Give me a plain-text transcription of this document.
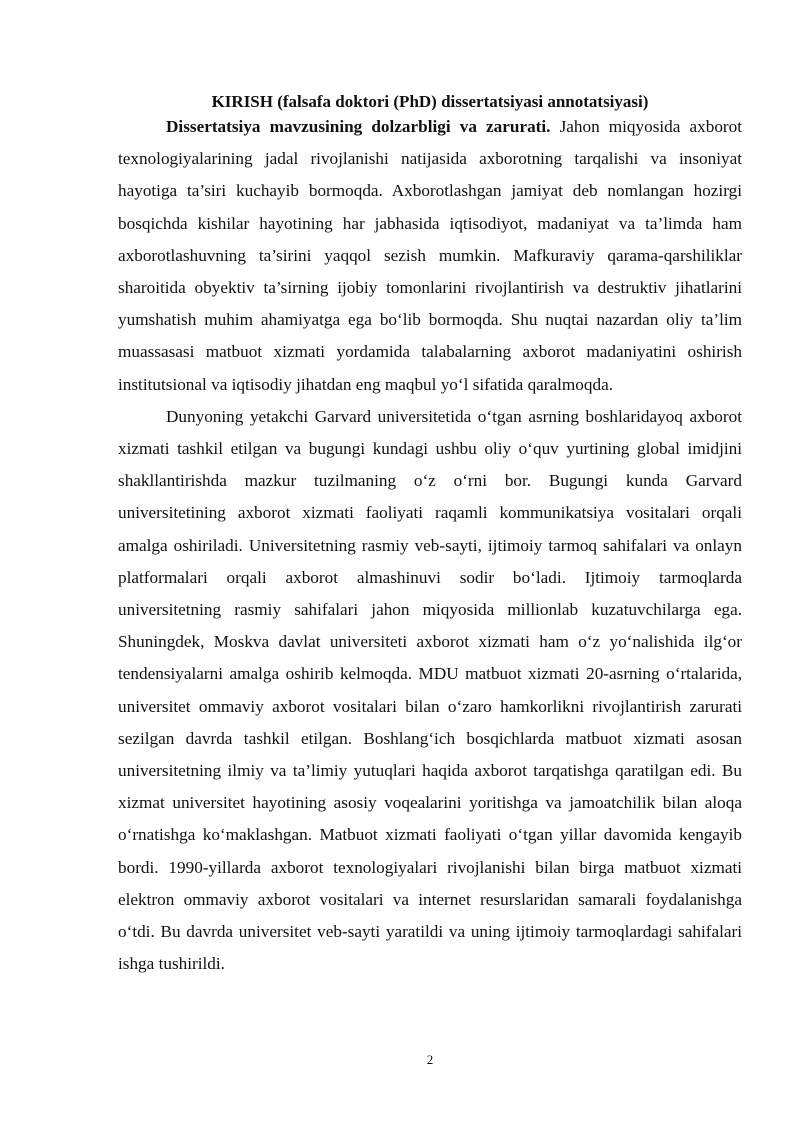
KIRISH (falsafa doktori (PhD) dissertatsiyasi annotatsiyasi)

Dissertatsiya mavzusining dolzarbligi va zarurati. Jahon miqyosida axborot texnologiyalarining jadal rivojlanishi natijasida axborotning tarqalishi va insoniyat hayotiga ta’siri kuchayib bormoqda. Axborotlashgan jamiyat deb nomlangan hozirgi bosqichda kishilar hayotining har jabhasida iqtisodiyot, madaniyat va ta’limda ham axborotlashuvning ta’sirini yaqqol sezish mumkin. Mafkuraviy qarama-qarshiliklar sharoitida obyektiv ta’sirning ijobiy tomonlarini rivojlantirish va destruktiv jihatlarini yumshatish muhim ahamiyatga ega bo‘lib bormoqda. Shu nuqtai nazardan oliy ta’lim muassasasi matbuot xizmati yordamida talabalarning axborot madaniyatini oshirish institutsional va iqtisodiy jihatdan eng maqbul yo‘l sifatida qaralmoqda.

Dunyoning yetakchi Garvard universitetida o‘tgan asrning boshlaridayoq axborot xizmati tashkil etilgan va bugungi kundagi ushbu oliy o‘quv yurtining global imidjini shakllantirishda mazkur tuzilmaning o‘z o‘rni bor. Bugungi kunda Garvard universitetining axborot xizmati faoliyati raqamli kommunikatsiya vositalari orqali amalga oshiriladi. Universitetning rasmiy veb-sayti, ijtimoiy tarmoq sahifalari va onlayn platformalari orqali axborot almashinuvi sodir bo‘ladi. Ijtimoiy tarmoqlarda universitetning rasmiy sahifalari jahon miqyosida millionlab kuzatuvchilarga ega. Shuningdek, Moskva davlat universiteti axborot xizmati ham o‘z yo‘nalishida ilg‘or tendensiyalarni amalga oshirib kelmoqda. MDU matbuot xizmati 20-asrning o‘rtalarida, universitet ommaviy axborot vositalari bilan o‘zaro hamkorlikni rivojlantirish zarurati sezilgan davrda tashkil etilgan. Boshlang‘ich bosqichlarda matbuot xizmati asosan universitetning ilmiy va ta’limiy yutuqlari haqida axborot tarqatishga qaratilgan edi. Bu xizmat universitet hayotining asosiy voqealarini yoritishga va jamoatchilik bilan aloqa o‘rnatishga ko‘maklashgan. Matbuot xizmati faoliyati o‘tgan yillar davomida kengayib bordi. 1990-yillarda axborot texnologiyalari rivojlanishi bilan birga matbuot xizmati elektron ommaviy axborot vositalari va internet resurslaridan samarali foydalanishga o‘tdi. Bu davrda universitet veb-sayti yaratildi va uning ijtimoiy tarmoqlardagi sahifalari ishga tushirildi.

2
